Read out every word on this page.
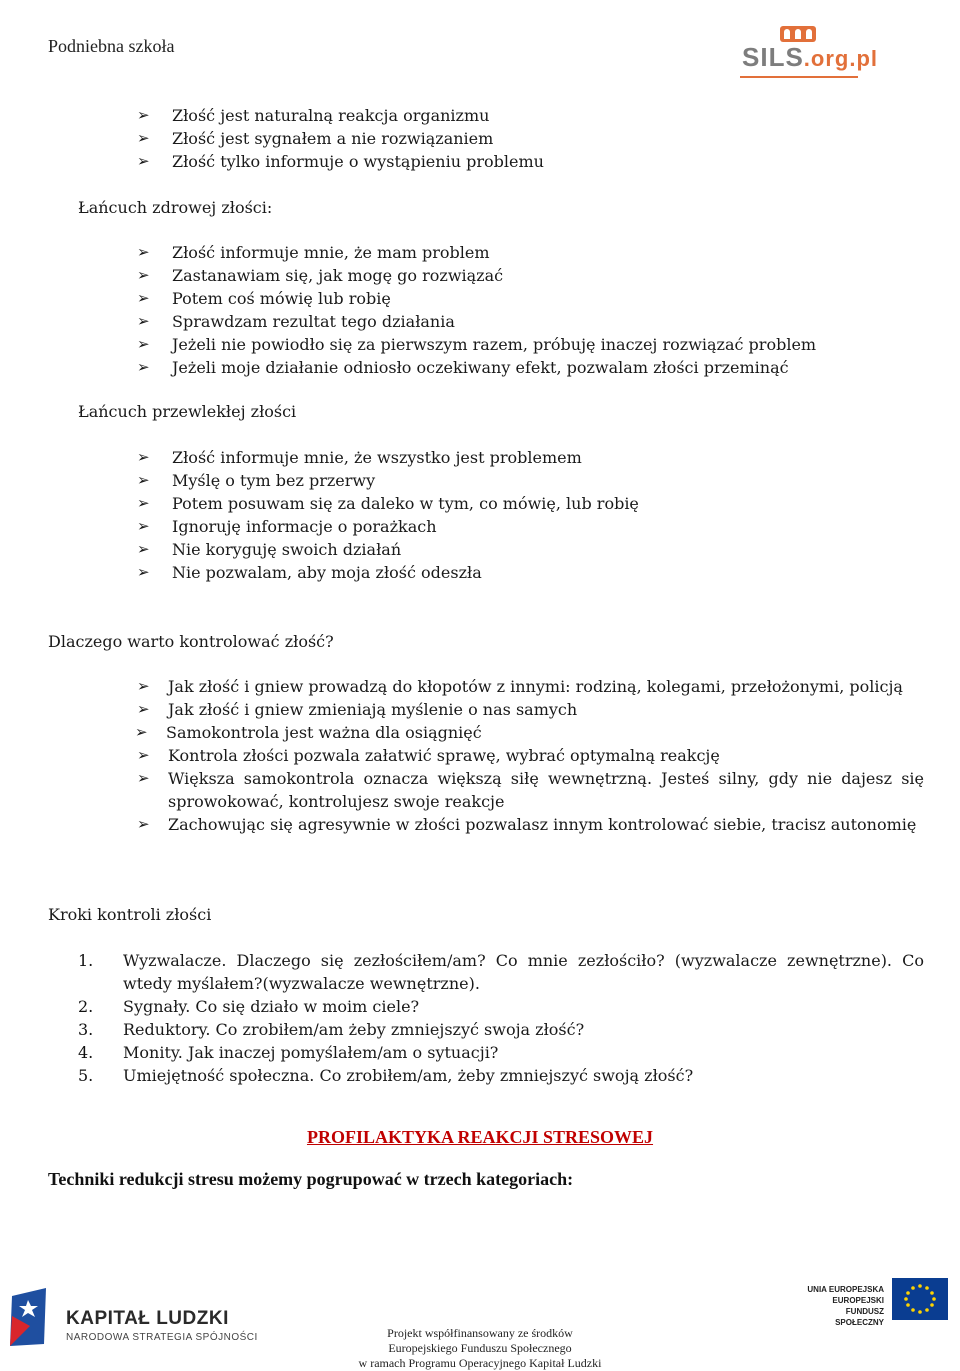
Podniebna szkoła	SILS.org.pl
➢ Złość jest naturalną reakcja organizmu
➢ Złość jest sygnałem a nie rozwiązaniem
➢ Złość tylko informuje o wystąpieniu problemu
Łańcuch zdrowej złości:
➢ Złość informuje mnie, że mam problem
➢ Zastanawiam się, jak mogę go rozwiązać
➢ Potem coś mówię lub robię
➢ Sprawdzam rezultat tego działania
➢ Jeżeli nie powiodło się za pierwszym razem, próbuję inaczej rozwiązać problem
➢ Jeżeli moje działanie odniosło oczekiwany efekt, pozwalam złości przeminąć
Łańcuch przewlekłej złości
➢ Złość informuje mnie, że wszystko jest problemem
➢ Myślę o tym bez przerwy
➢ Potem posuwam się za daleko w tym, co mówię, lub robię
➢ Ignoruję informacje o porażkach
➢ Nie koryguję swoich działań
➢ Nie pozwalam, aby moja złość odeszła
Dlaczego warto kontrolować złość?
➢ Jak złość i gniew prowadzą do kłopotów z innymi: rodziną, kolegami, przełożonymi, policją
➢ Jak złość i gniew zmieniają myślenie o nas samych
➢ Samokontrola jest ważna dla osiągnięć
➢ Kontrola złości pozwala załatwić sprawę, wybrać optymalną reakcję
➢ Większa samokontrola oznacza większą siłę wewnętrzną. Jesteś silny, gdy nie dajesz się sprowokować, kontrolujesz swoje reakcje
➢ Zachowując się agresywnie w złości pozwalasz innym kontrolować siebie, tracisz autonomię
Kroki kontroli złości
1. Wyzwalacze. Dlaczego się zezłościłem/am? Co mnie zezłościło? (wyzwalacze zewnętrzne). Co wtedy myślałem?(wyzwalacze wewnętrzne).
2. Sygnały. Co się działo w moim ciele?
3. Reduktory. Co zrobiłem/am żeby zmniejszyć swoja złość?
4. Monity. Jak inaczej pomyślałem/am o sytuacji?
5. Umiejętność społeczna. Co zrobiłem/am, żeby zmniejszyć swoją złość?
PROFILAKTYKA REAKCJI STRESOWEJ
Techniki redukcji stresu możemy pogrupować w trzech kategoriach:
KAPITAŁ LUDZKI
NARODOWA STRATEGIA SPÓJNOŚCI	Projekt współfinansowany ze środków
Europejskiego Funduszu Społecznego
w ramach Programu Operacyjnego Kapitał Ludzki
UNIA EUROPEJSKA
EUROPEJSKI
FUNDUSZ SPOŁECZNY
